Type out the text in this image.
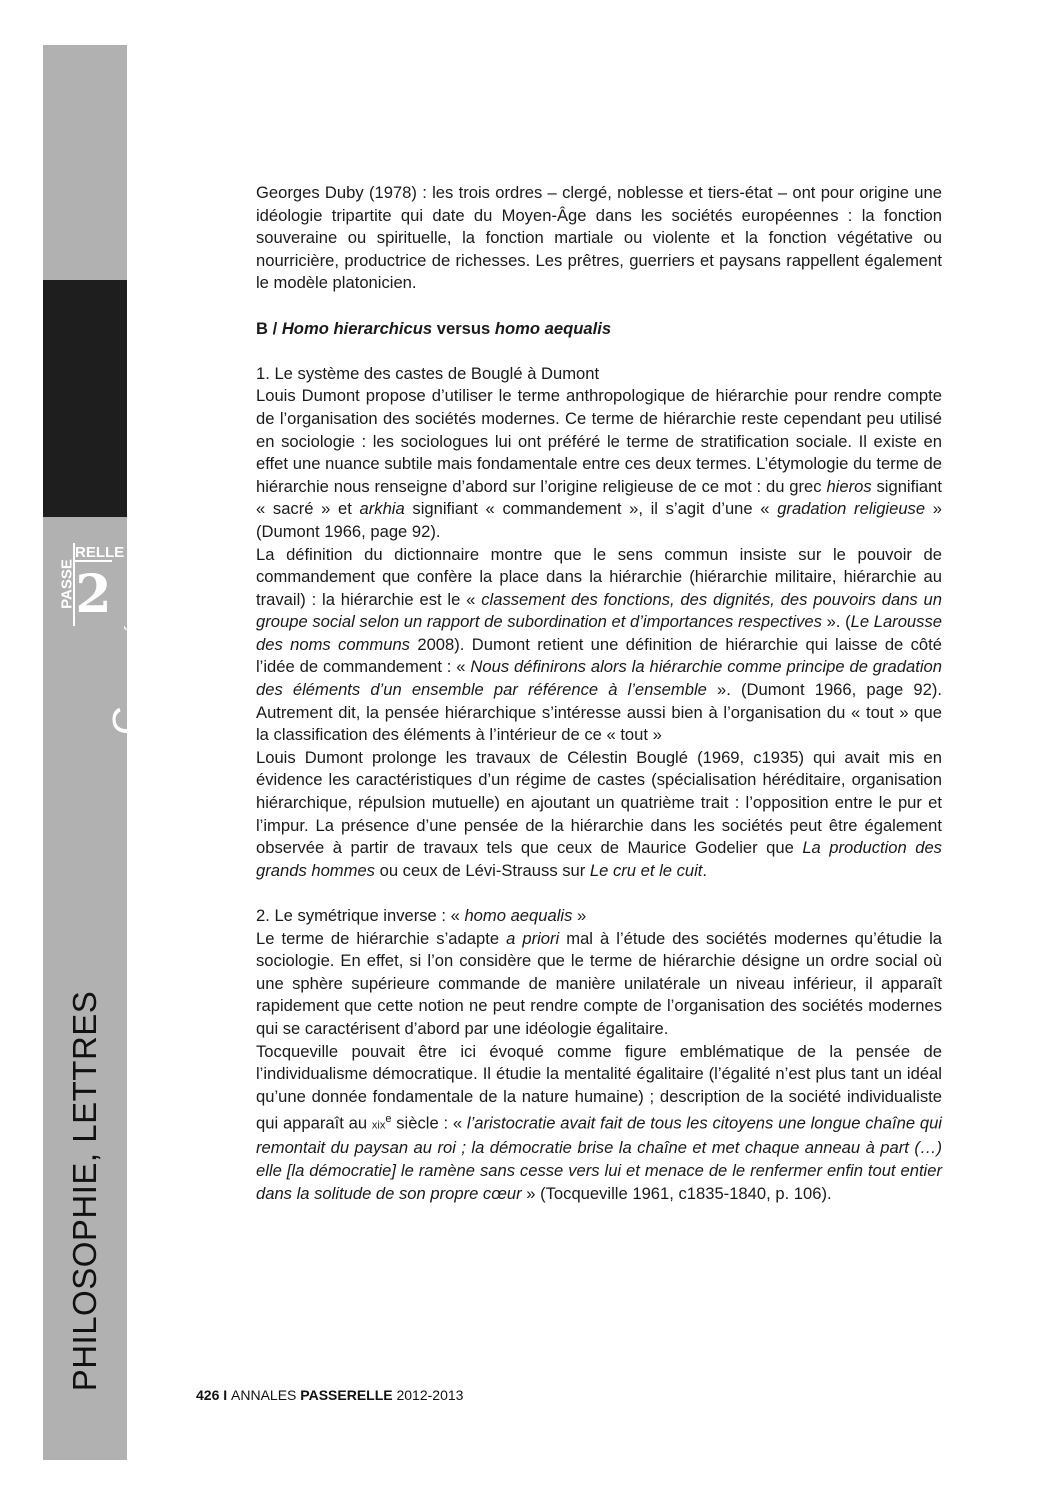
Corrigé
PASSE
RELLE
2
PHILOSOPHIE, LETTRES

Georges Duby (1978) : les trois ordres – clergé, noblesse et tiers-état – ont pour origine une idéologie tripartite qui date du Moyen-Âge dans les sociétés européennes : la fonction souveraine ou spirituelle, la fonction martiale ou violente et la fonction végétative ou nourricière, productrice de richesses. Les prêtres, guerriers et paysans rappellent également le modèle platonicien.

B / Homo hierarchicus versus homo aequalis

1. Le système des castes de Bouglé à Dumont

Louis Dumont propose d’utiliser le terme anthropologique de hiérarchie pour rendre compte de l’organisation des sociétés modernes. Ce terme de hiérarchie reste cependant peu utilisé en sociologie : les sociologues lui ont préféré le terme de stratification sociale. Il existe en effet une nuance subtile mais fondamentale entre ces deux termes. L’étymologie du terme de hiérarchie nous renseigne d’abord sur l’origine religieuse de ce mot : du grec hieros signifiant « sacré » et arkhia signifiant « commandement », il s’agit d’une « gradation religieuse » (Dumont 1966, page 92).

La définition du dictionnaire montre que le sens commun insiste sur le pouvoir de commandement que confère la place dans la hiérarchie (hiérarchie militaire, hiérarchie au travail) : la hiérarchie est le « classement des fonctions, des dignités, des pouvoirs dans un groupe social selon un rapport de subordination et d’importances respectives ». (Le Larousse des noms communs 2008). Dumont retient une définition de hiérarchie qui laisse de côté l’idée de commandement : « Nous définirons alors la hiérarchie comme principe de gradation des éléments d’un ensemble par référence à l’ensemble ». (Dumont 1966, page 92). Autrement dit, la pensée hiérarchique s’intéresse aussi bien à l’organisation du « tout » que la classification des éléments à l’intérieur de ce « tout »

Louis Dumont prolonge les travaux de Célestin Bouglé (1969, c1935) qui avait mis en évidence les caractéristiques d’un régime de castes (spécialisation héréditaire, organisation hiérarchique, répulsion mutuelle) en ajoutant un quatrième trait : l’opposition entre le pur et l’impur. La présence d’une pensée de la hiérarchie dans les sociétés peut être également observée à partir de travaux tels que ceux de Maurice Godelier que La production des grands hommes ou ceux de Lévi-Strauss sur Le cru et le cuit.

2. Le symétrique inverse : « homo aequalis »

Le terme de hiérarchie s’adapte a priori mal à l’étude des sociétés modernes qu’étudie la sociologie. En effet, si l’on considère que le terme de hiérarchie désigne un ordre social où une sphère supérieure commande de manière unilatérale un niveau inférieur, il apparaît rapidement que cette notion ne peut rendre compte de l’organisation des sociétés modernes qui se caractérisent d’abord par une idéologie égalitaire.

Tocqueville pouvait être ici évoqué comme figure emblématique de la pensée de l’individualisme démocratique. Il étudie la mentalité égalitaire (l’égalité n’est plus tant un idéal qu’une donnée fondamentale de la nature humaine) ; description de la société individualiste qui apparaît au xix$^e$ siècle : « l’aristocratie avait fait de tous les citoyens une longue chaîne qui remontait du paysan au roi ; la démocratie brise la chaîne et met chaque anneau à part (…) elle [la démocratie] le ramène sans cesse vers lui et menace de le renfermer enfin tout entier dans la solitude de son propre cœur » (Tocqueville 1961, c1835-1840, p. 106).

426 I ANNALES PASSERELLE 2012-2013
